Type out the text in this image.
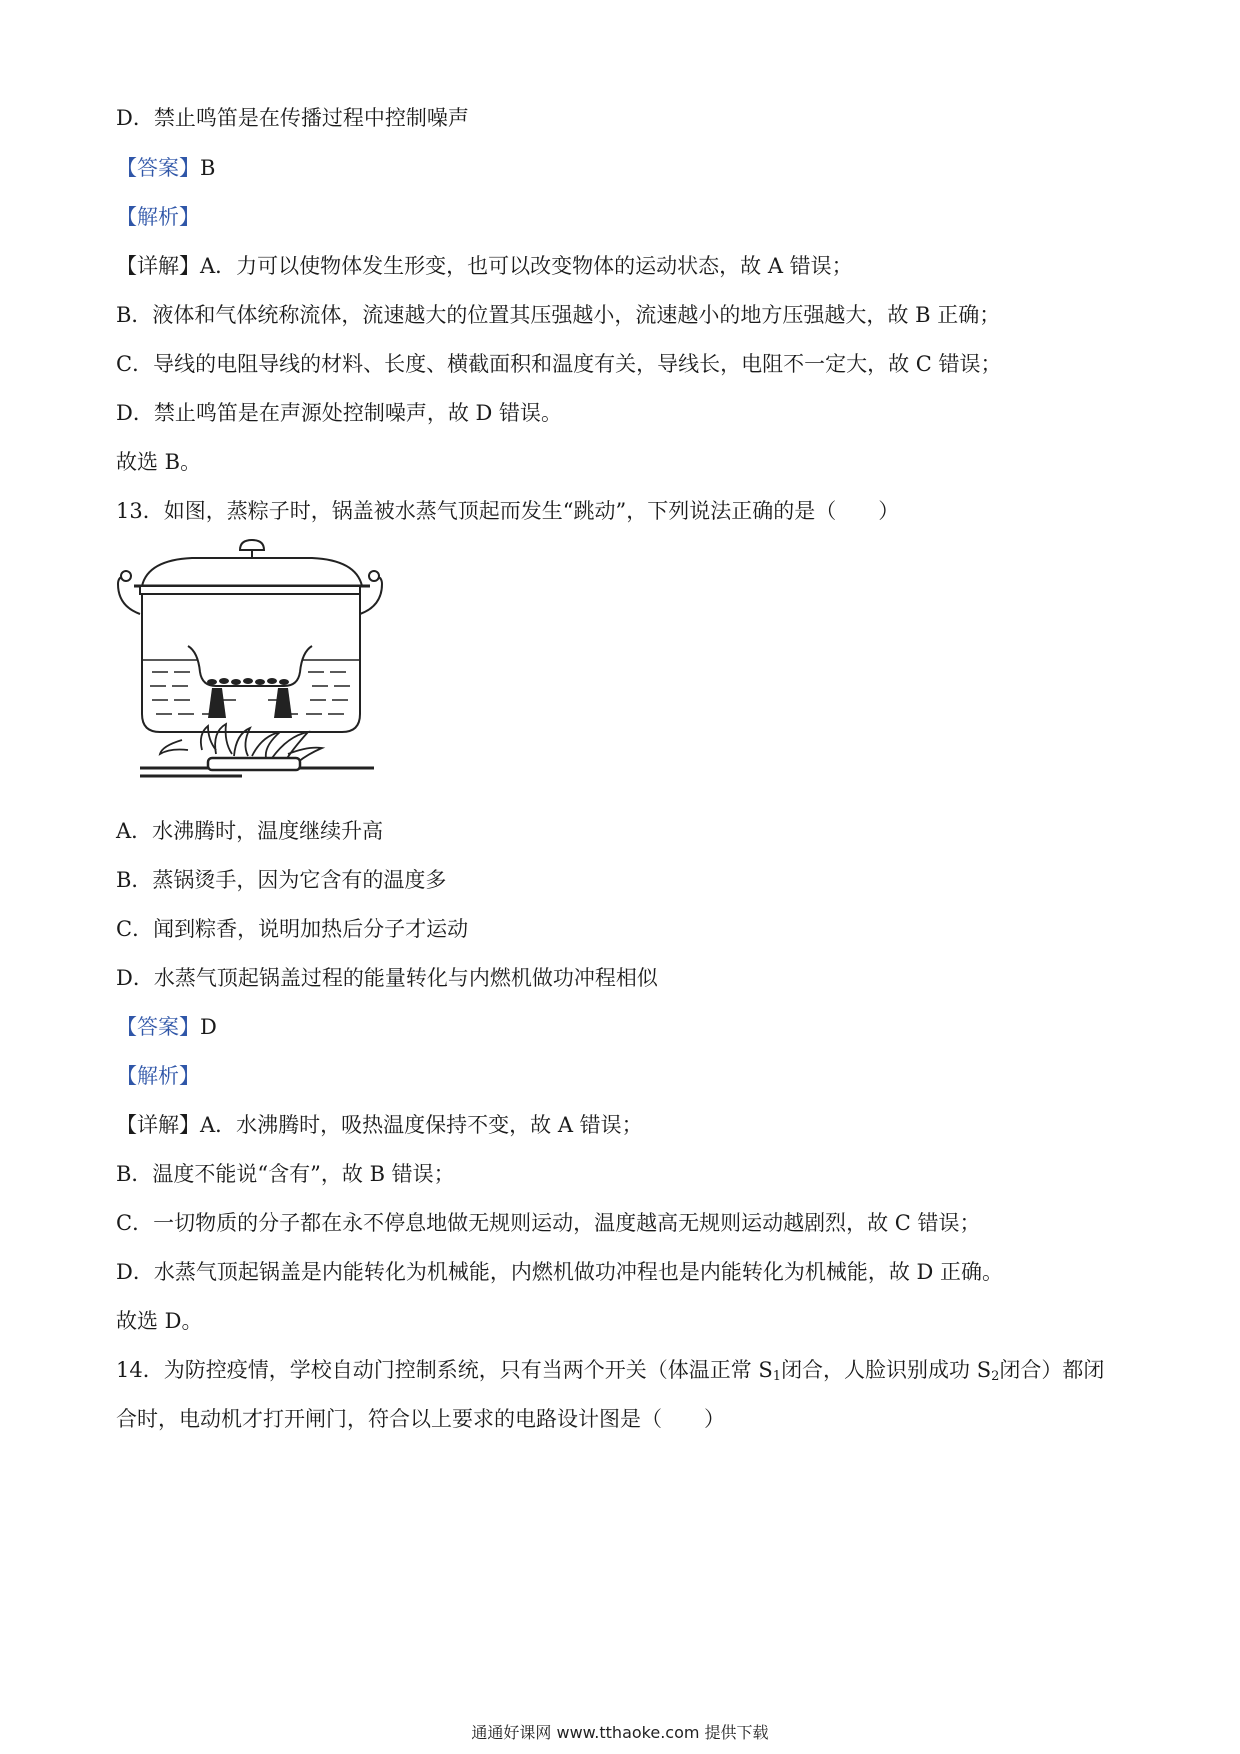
D．禁止鸣笛是在传播过程中控制噪声
【答案】B
【解析】
【详解】A．力可以使物体发生形变，也可以改变物体的运动状态，故 A 错误；
B．液体和气体统称流体，流速越大的位置其压强越小，流速越小的地方压强越大，故 B 正确；
C．导线的电阻导线的材料、长度、横截面积和温度有关，导线长，电阻不一定大，故 C 错误；
D．禁止鸣笛是在声源处控制噪声，故 D 错误。
故选 B。
13．如图，蒸粽子时，锅盖被水蒸气顶起而发生“跳动”，下列说法正确的是（　　）
A．水沸腾时，温度继续升高
B．蒸锅烫手，因为它含有的温度多
C．闻到粽香，说明加热后分子才运动
D．水蒸气顶起锅盖过程的能量转化与内燃机做功冲程相似
【答案】D
【解析】
【详解】A．水沸腾时，吸热温度保持不变，故 A 错误；
B．温度不能说“含有”，故 B 错误；
C．一切物质的分子都在永不停息地做无规则运动，温度越高无规则运动越剧烈，故 C 错误；
D．水蒸气顶起锅盖是内能转化为机械能，内燃机做功冲程也是内能转化为机械能，故 D 正确。
故选 D。
14．为防控疫情，学校自动门控制系统，只有当两个开关（体温正常 $S_1$闭合，人脸识别成功 $S_2$闭合）都闭
合时，电动机才打开闸门，符合以上要求的电路设计图是（　　）
通通好课网 www.tthaoke.com 提供下载
